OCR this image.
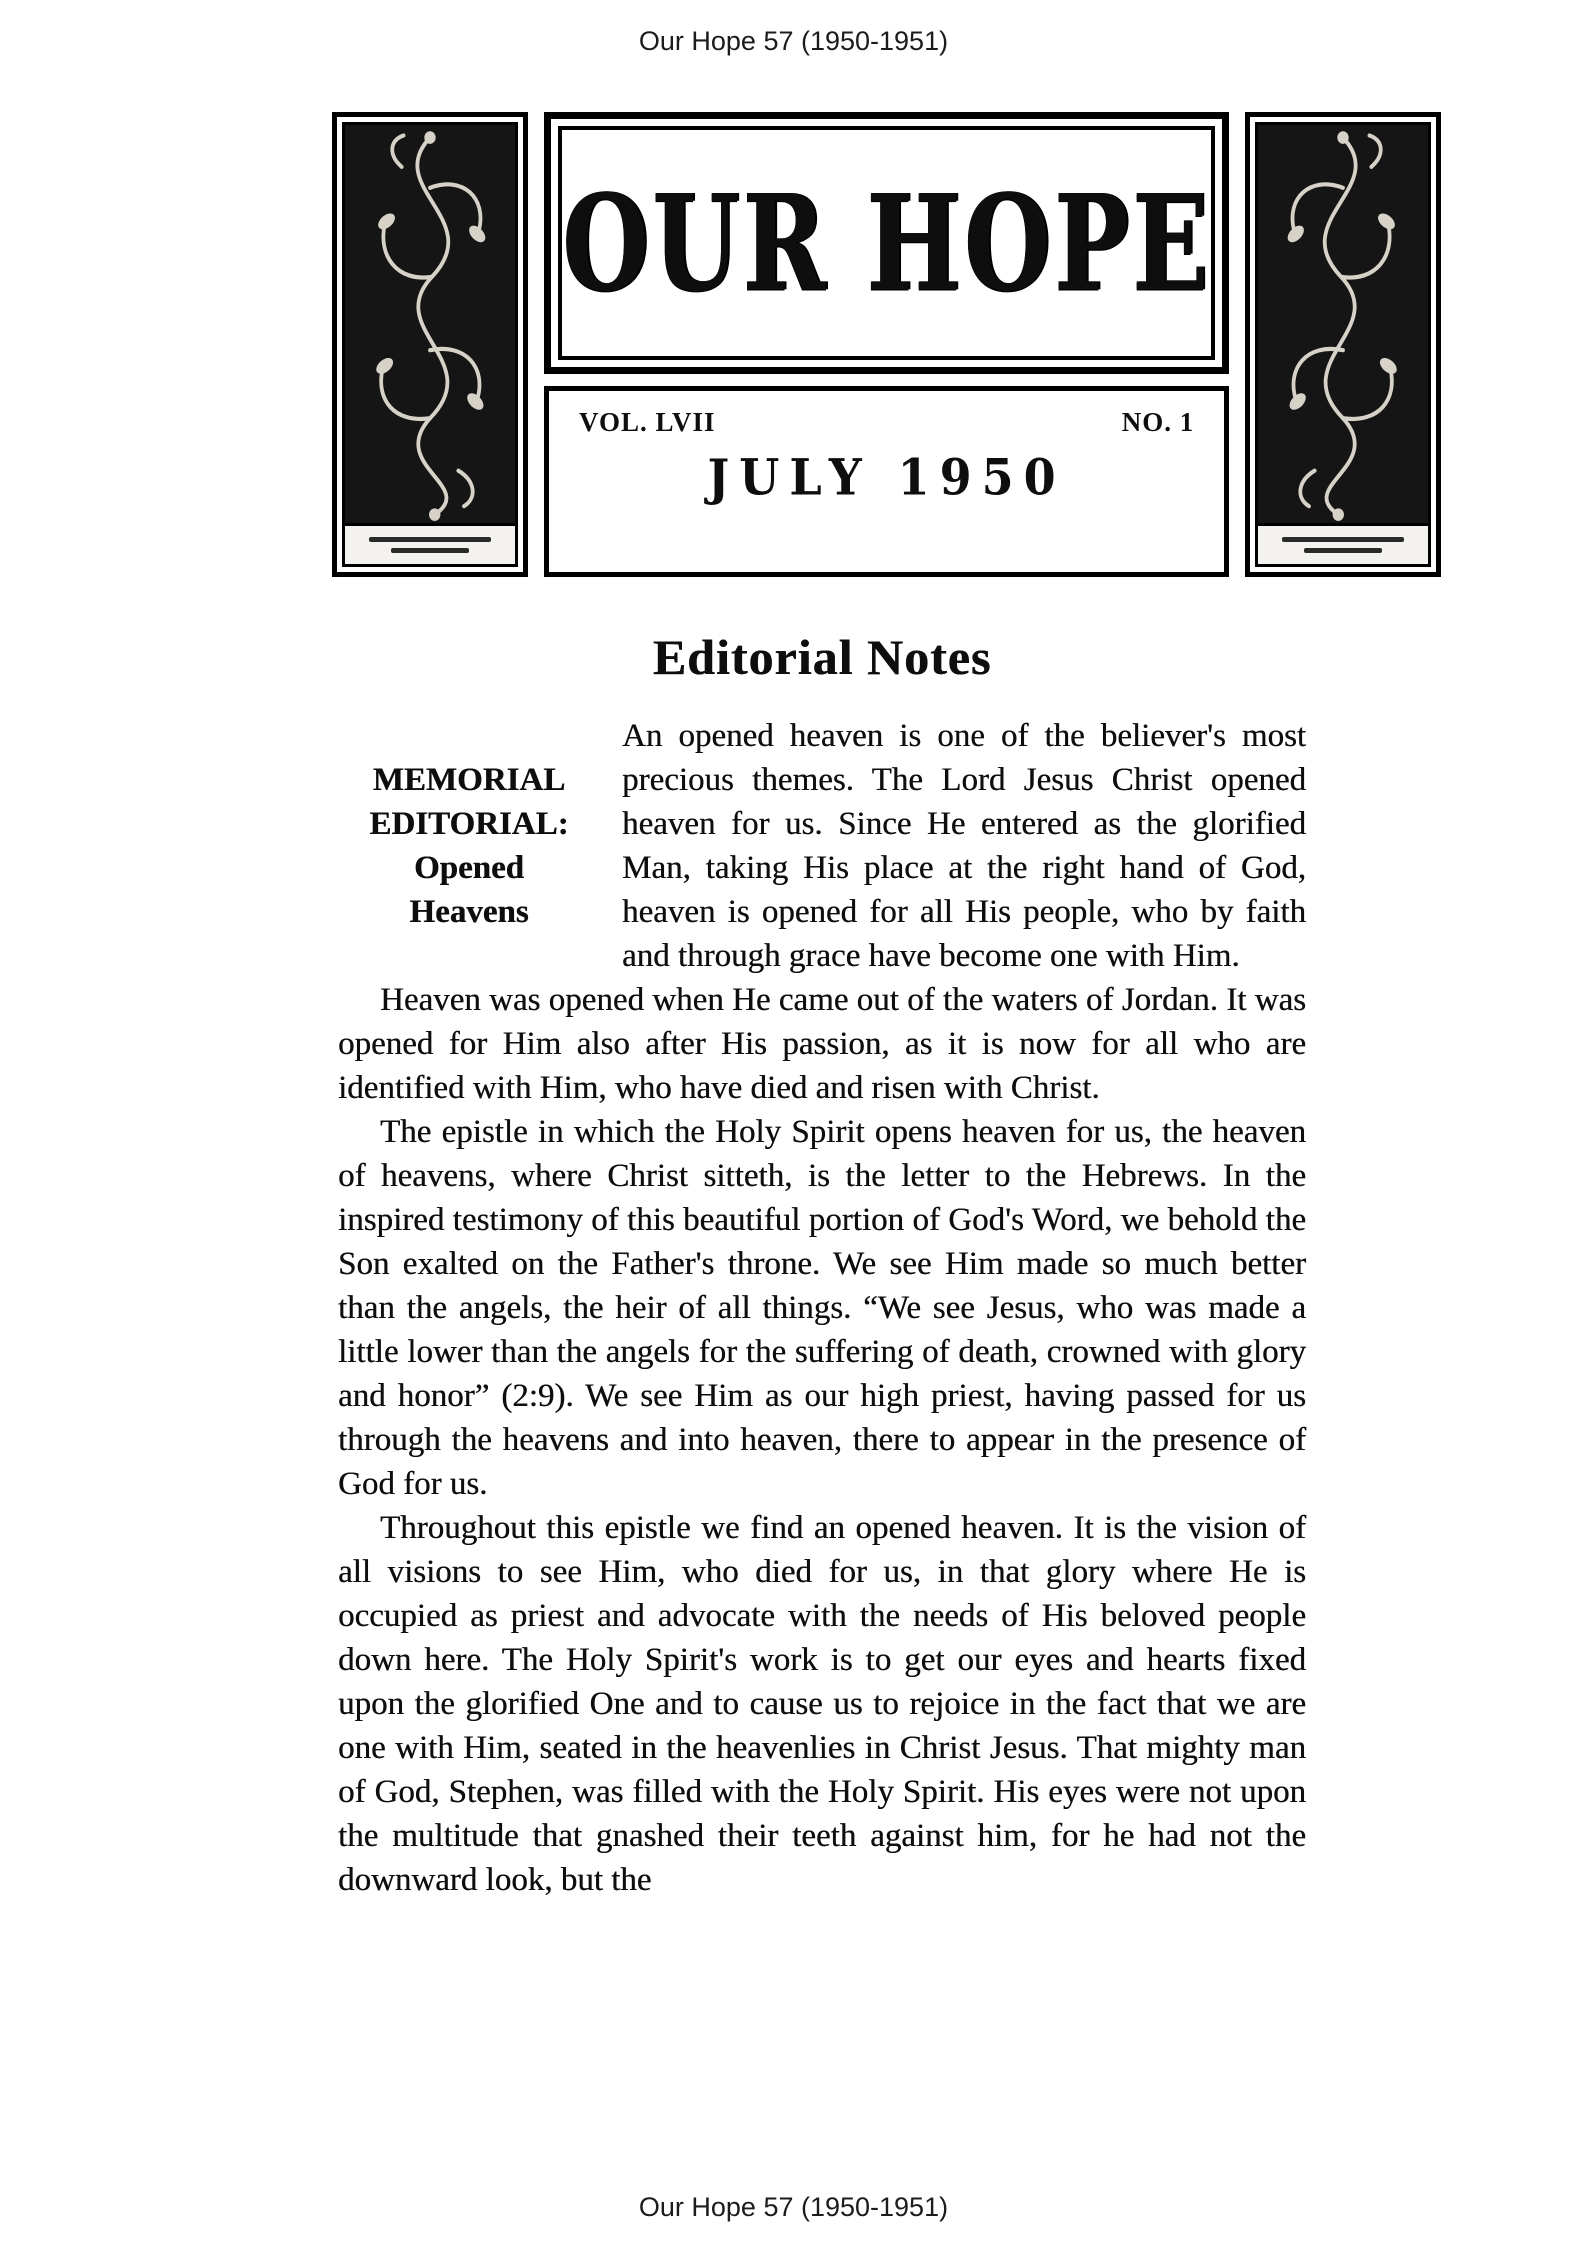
Our Hope 57 (1950-1951)
OUR HOPE
VOL. LVII	NO. 1
JULY 1950
Editorial Notes

MEMORIAL
EDITORIAL:
Opened
Heavens
An opened heaven is one of the believer's most precious themes. The Lord Jesus Christ opened heaven for us. Since He entered as the glorified Man, taking His place at the right hand of God, heaven is opened for all His people, who by faith and through grace have become one with Him.

Heaven was opened when He came out of the waters of Jordan. It was opened for Him also after His passion, as it is now for all who are identified with Him, who have died and risen with Christ.

The epistle in which the Holy Spirit opens heaven for us, the heaven of heavens, where Christ sitteth, is the letter to the Hebrews. In the inspired testimony of this beautiful portion of God's Word, we behold the Son exalted on the Father's throne. We see Him made so much better than the angels, the heir of all things. “We see Jesus, who was made a little lower than the angels for the suffering of death, crowned with glory and honor” (2:9). We see Him as our high priest, having passed for us through the heavens and into heaven, there to appear in the presence of God for us.

Throughout this epistle we find an opened heaven. It is the vision of all visions to see Him, who died for us, in that glory where He is occupied as priest and advocate with the needs of His beloved people down here. The Holy Spirit's work is to get our eyes and hearts fixed upon the glorified One and to cause us to rejoice in the fact that we are one with Him, seated in the heavenlies in Christ Jesus. That mighty man of God, Stephen, was filled with the Holy Spirit. His eyes were not upon the multitude that gnashed their teeth against him, for he had not the downward look, but the

Our Hope 57 (1950-1951)
